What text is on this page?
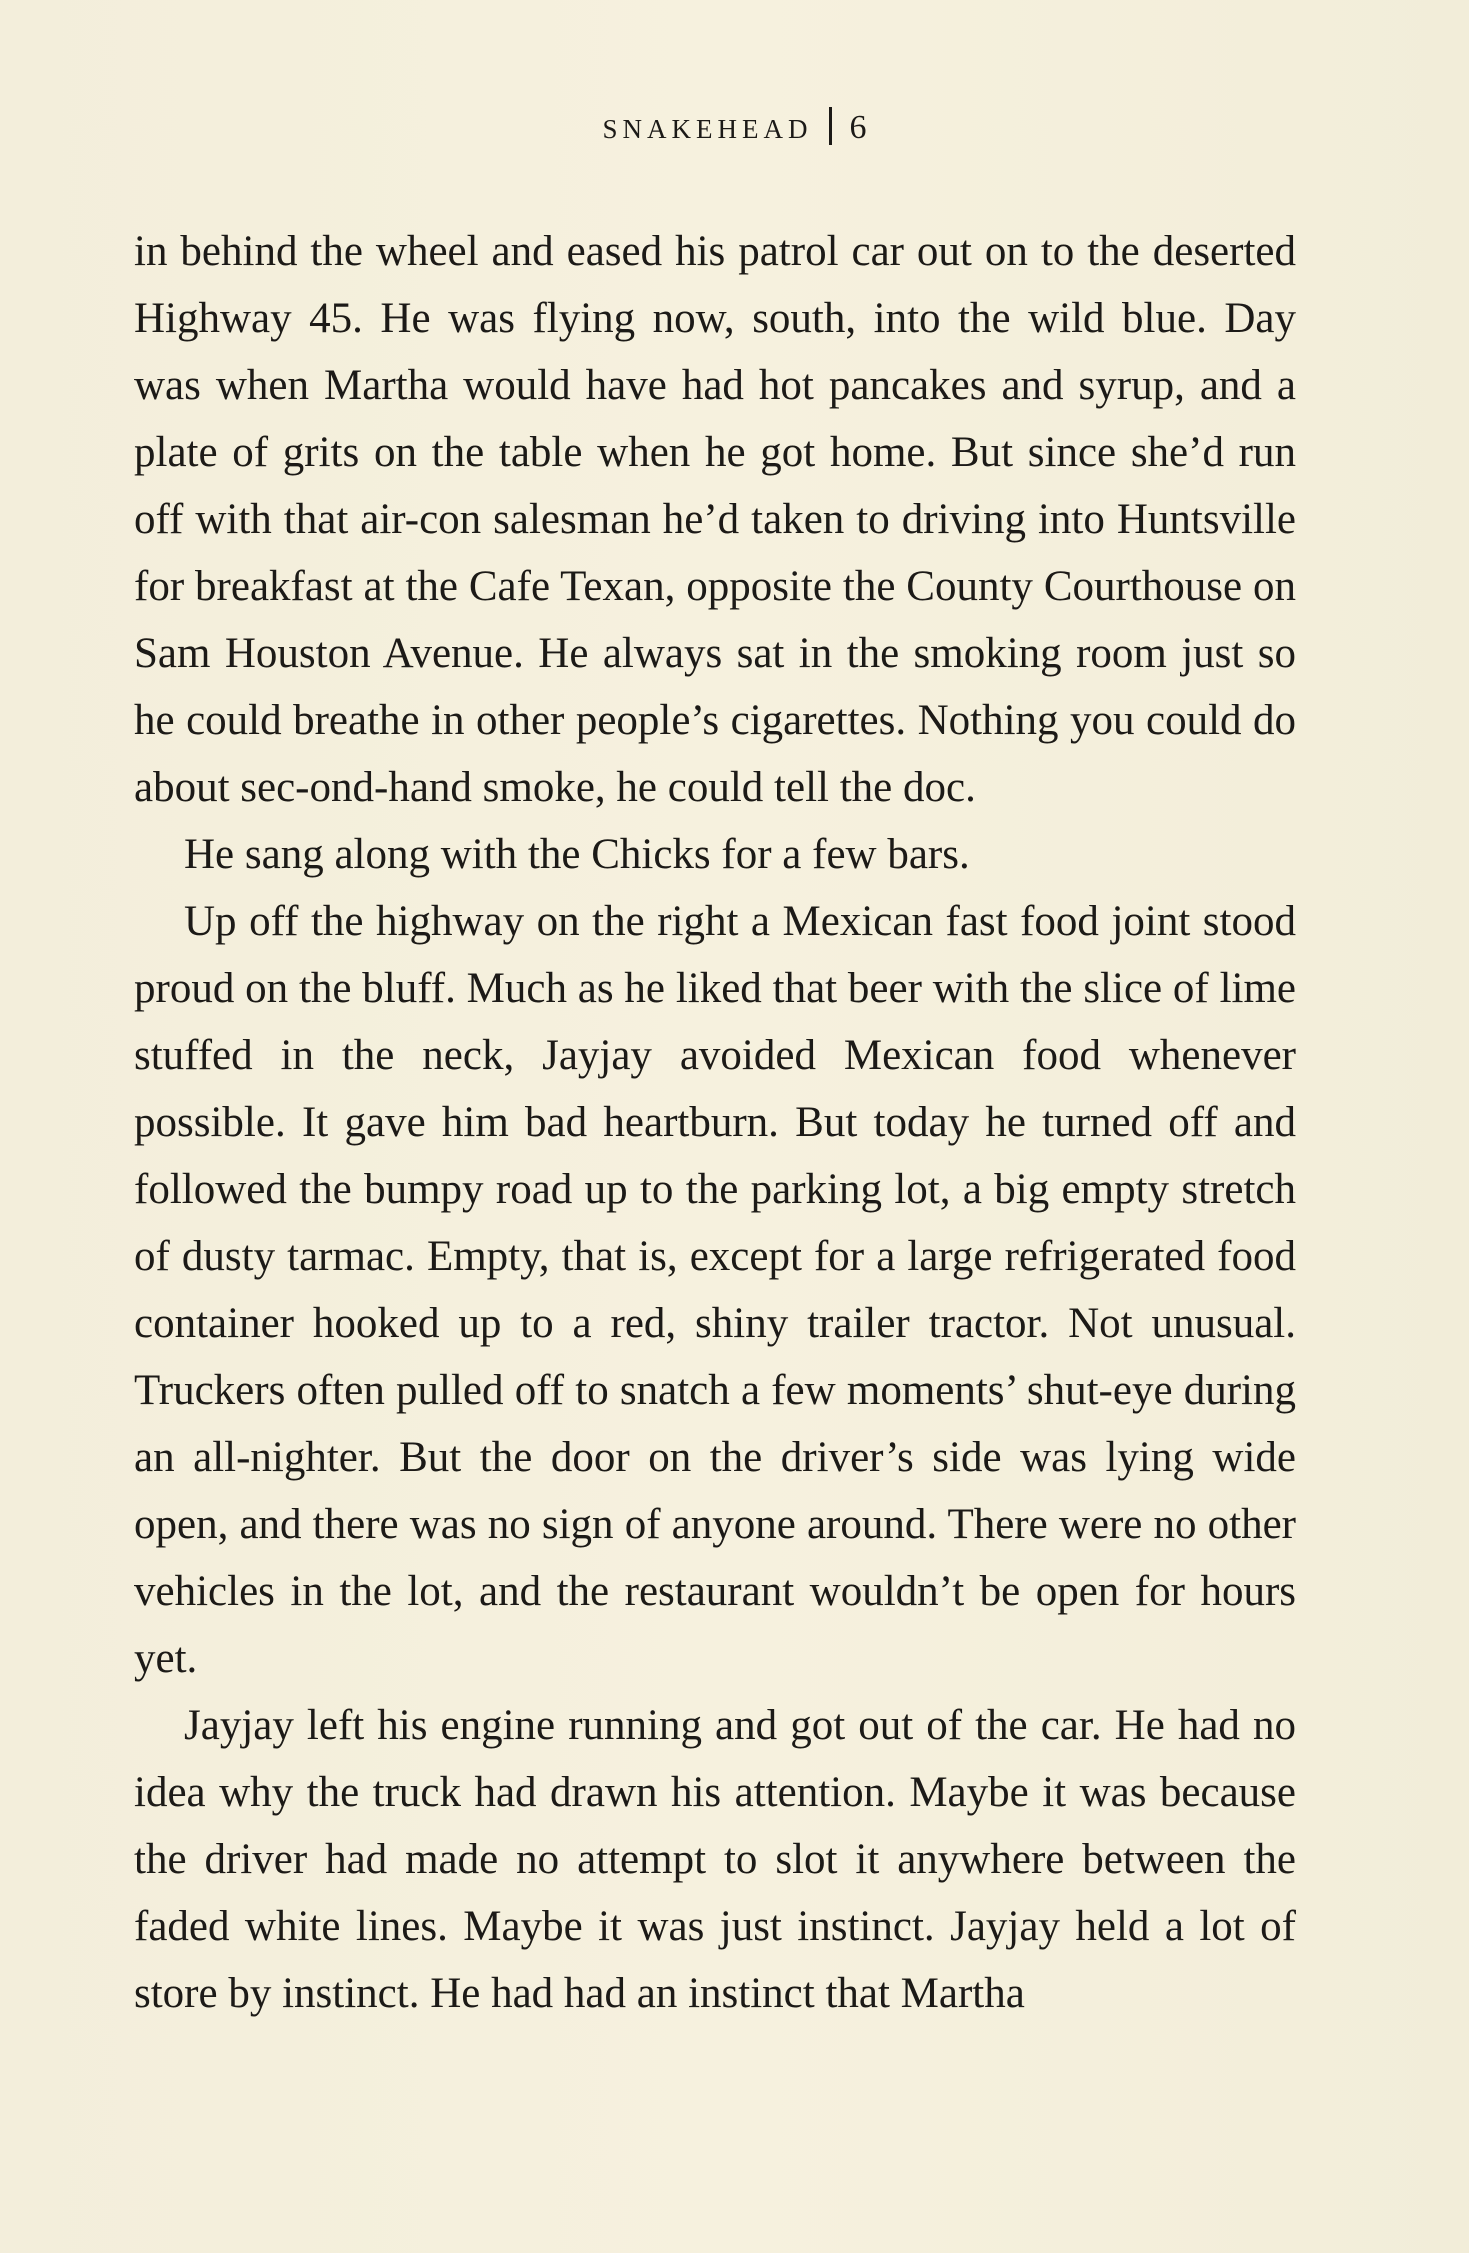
SNAKEHEAD 6

in behind the wheel and eased his patrol car out on to the deserted Highway 45. He was flying now, south, into the wild blue. Day was when Martha would have had hot pancakes and syrup, and a plate of grits on the table when he got home. But since she’d run off with that air-con salesman he’d taken to driving into Huntsville for breakfast at the Cafe Texan, opposite the County Courthouse on Sam Houston Avenue. He always sat in the smoking room just so he could breathe in other people’s cigarettes. Nothing you could do about sec-ond-hand smoke, he could tell the doc.

He sang along with the Chicks for a few bars.

Up off the highway on the right a Mexican fast food joint stood proud on the bluff. Much as he liked that beer with the slice of lime stuffed in the neck, Jayjay avoided Mexican food whenever possible. It gave him bad heartburn. But today he turned off and followed the bumpy road up to the parking lot, a big empty stretch of dusty tarmac. Empty, that is, except for a large refrigerated food container hooked up to a red, shiny trailer tractor. Not unusual. Truckers often pulled off to snatch a few moments’ shut-eye during an all-nighter. But the door on the driver’s side was lying wide open, and there was no sign of anyone around. There were no other vehicles in the lot, and the restaurant wouldn’t be open for hours yet.

Jayjay left his engine running and got out of the car. He had no idea why the truck had drawn his attention. Maybe it was because the driver had made no attempt to slot it anywhere between the faded white lines. Maybe it was just instinct. Jayjay held a lot of store by instinct. He had had an instinct that Martha
